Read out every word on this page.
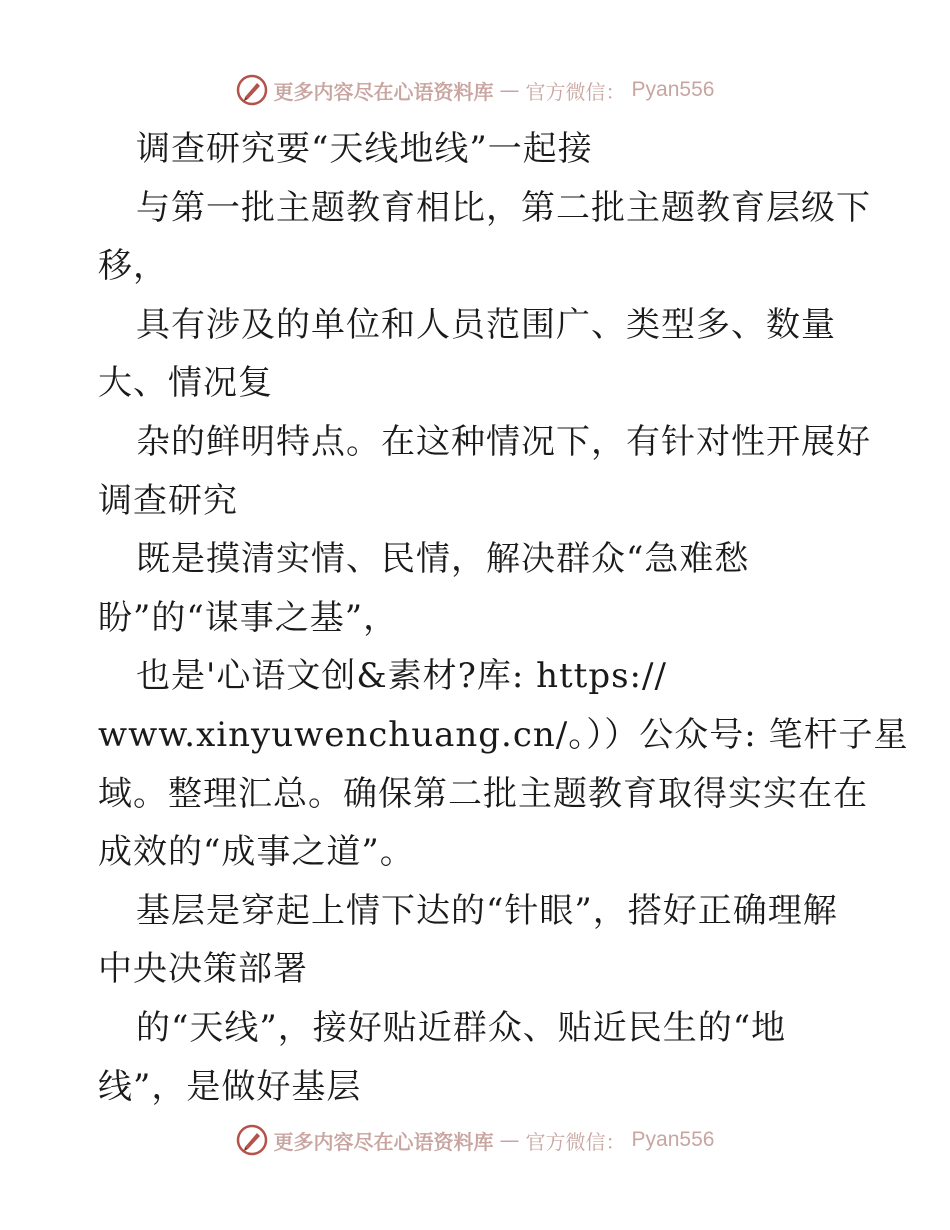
更多内容尽在心语资料库 — 官方微信： Pyan556
调查研究要“天线地线”一起接
与第一批主题教育相比，第二批主题教育层级下
移，
具有涉及的单位和人员范围广、类型多、数量
大、情况复
杂的鲜明特点。在这种情况下，有针对性开展好
调查研究
既是摸清实情、民情，解决群众“急难愁
盼”的“谋事之基”，
也是'心语文创&素材?库: https://
www.xinyuwenchuang.cn/。））公众号: 笔杆子星
域。整理汇总。确保第二批主题教育取得实实在在
成效的“成事之道”。
基层是穿起上情下达的“针眼”，搭好正确理解
中央决策部署
的“天线”，接好贴近群众、贴近民生的“地
线”，是做好基层
更多内容尽在心语资料库 — 官方微信： Pyan556
